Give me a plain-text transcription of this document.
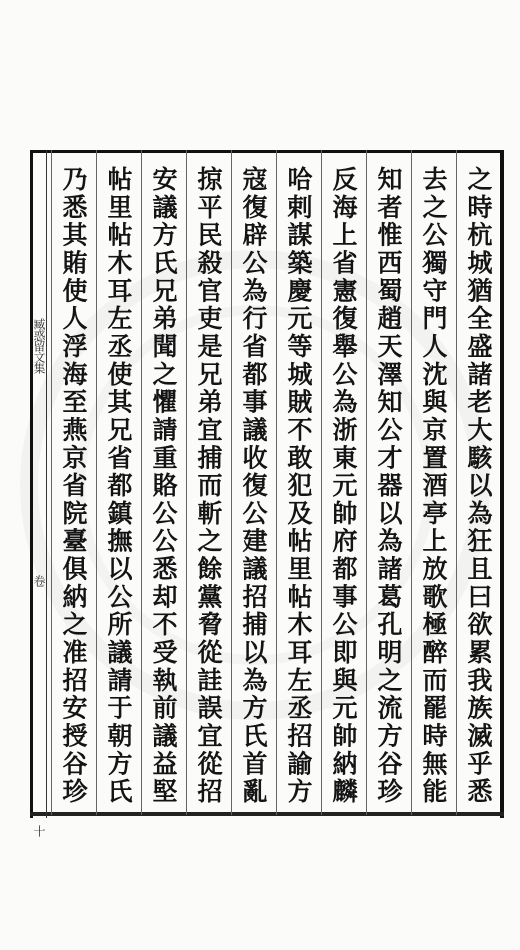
臧惑留文集
卷
十
之時杭城猶全盛諸老大駭以為狂且曰欲累我族滅乎悉
去之公獨守門人沈與京置酒亭上放歌極醉而罷時無能
知者惟西蜀趙天澤知公才器以為諸葛孔明之流方谷珍
反海上省憲復舉公為浙東元帥府都事公即與元帥納麟
哈剌謀築慶元等城賊不敢犯及帖里帖木耳左丞招諭方
寇復辟公為行省都事議收復公建議招捕以為方氏首亂
掠平民殺官吏是兄弟宜捕而斬之餘黨脅從詿誤宜從招
安議方氏兄弟聞之懼請重賂公公悉却不受執前議益堅
帖里帖木耳左丞使其兄省都鎮撫以公所議請于朝方氏
乃悉其賄使人浮海至燕京省院臺俱納之准招安授谷珍
